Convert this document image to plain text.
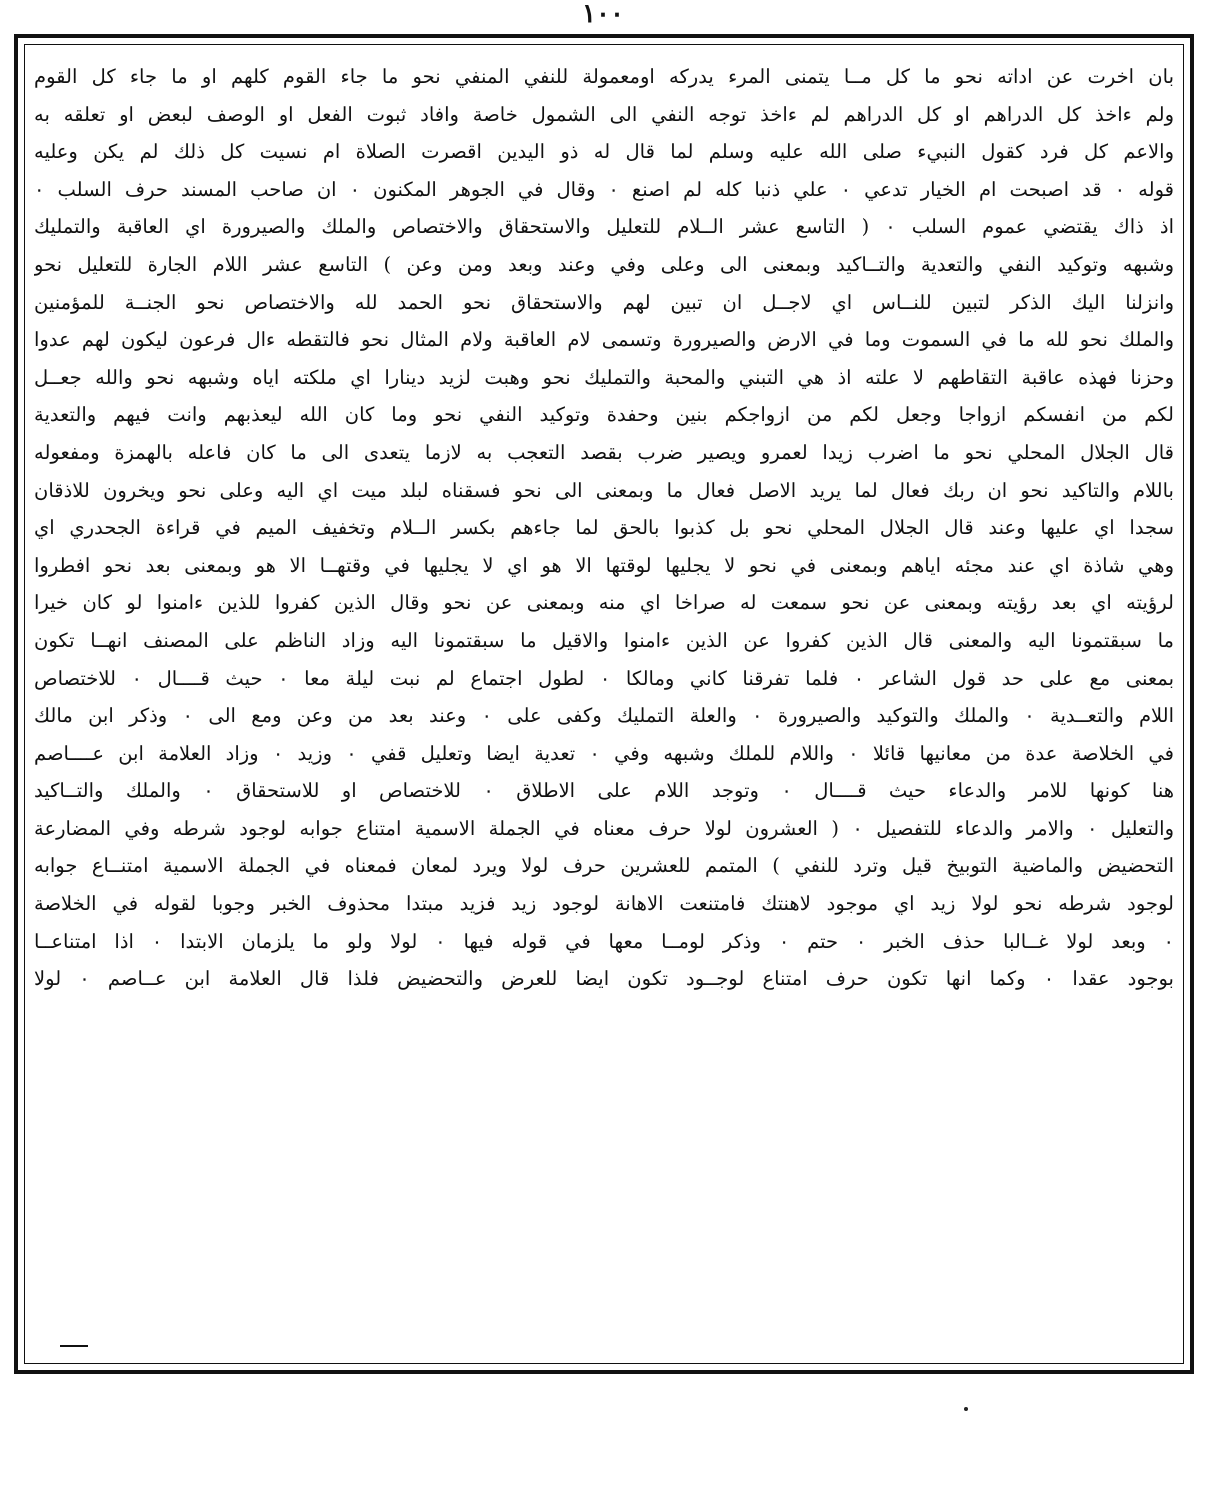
١٠٠
بان اخرت عن اداته نحو ما كل مــا يتمنى المرء يدركه اومعمولة للنفي المنفي نحو ما جاء القوم كلهم او ما جاء كل القوم
ولم ءاخذ كل الدراهم او كل الدراهم لم ءاخذ توجه النفي الى الشمول خاصة وافاد ثبوت الفعل او الوصف لبعض او تعلقه به
والاعم كل فرد كقول النبيء صلى الله عليه وسلم لما قال له ذو اليدين اقصرت الصلاة ام نسيت كل ذلك لم يكن وعليه
قوله ٠ قد اصبحت ام الخيار تدعي ٠ علي ذنبا كله لم اصنع ٠ وقال في الجوهر المكنون ٠ ان صاحب المسند حرف السلب ٠
اذ ذاك يقتضي عموم السلب ٠ ( التاسع عشر الــلام للتعليل والاستحقاق والاختصاص والملك والصيرورة اي العاقبة والتمليك
وشبهه وتوكيد النفي والتعدية والتــاكيد وبمعنى الى وعلى وفي وعند وبعد ومن وعن ) التاسع عشر اللام الجارة للتعليل نحو
وانزلنا اليك الذكر لتبين للنــاس اي لاجــل ان تبين لهم والاستحقاق نحو الحمد لله والاختصاص نحو الجنــة للمؤمنين
والملك نحو لله ما في السموت وما في الارض والصيرورة وتسمى لام العاقبة ولام المثال نحو فالتقطه ءال فرعون ليكون لهم عدوا
وحزنا فهذه عاقبة التقاطهم لا علته اذ هي التبني والمحبة والتمليك نحو وهبت لزيد دينارا اي ملكته اياه وشبهه نحو والله جعــل
لكم من انفسكم ازواجا وجعل لكم من ازواجكم بنين وحفدة وتوكيد النفي نحو وما كان الله ليعذبهم وانت فيهم والتعدية
قال الجلال المحلي نحو ما اضرب زيدا لعمرو ويصير ضرب بقصد التعجب به لازما يتعدى الى ما كان فاعله بالهمزة ومفعوله
باللام والتاكيد نحو ان ربك فعال لما يريد الاصل فعال ما وبمعنى الى نحو فسقناه لبلد ميت اي اليه وعلى نحو ويخرون للاذقان
سجدا اي عليها وعند قال الجلال المحلي نحو بل كذبوا بالحق لما جاءهم بكسر الــلام وتخفيف الميم في قراءة الجحدري اي
وهي شاذة اي عند مجئه اياهم وبمعنى في نحو لا يجليها لوقتها الا هو اي لا يجليها في وقتهــا الا هو وبمعنى بعد نحو افطروا
لرؤيته اي بعد رؤيته وبمعنى عن نحو سمعت له صراخا اي منه وبمعنى عن نحو وقال الذين كفروا للذين ءامنوا لو كان خيرا
ما سبقتمونا اليه والمعنى قال الذين كفروا عن الذين ءامنوا والاقيل ما سبقتمونا اليه وزاد الناظم على المصنف انهــا تكون
بمعنى مع على حد قول الشاعر ٠ فلما تفرقنا كاني ومالكا ٠ لطول اجتماع لم نبت ليلة معا ٠ حيث قــــال ٠ للاختصاص
اللام والتعــدية ٠ والملك والتوكيد والصيرورة ٠ والعلة التمليك وكفى على ٠ وعند بعد من وعن ومع الى ٠ وذكر ابن مالك
في الخلاصة عدة من معانيها قائلا ٠ واللام للملك وشبهه وفي ٠ تعدية ايضا وتعليل قفي ٠ وزيد ٠ وزاد العلامة ابن عــــاصم
هنا كونها للامر والدعاء حيث قــــال ٠ وتوجد اللام على الاطلاق ٠ للاختصاص او للاستحقاق ٠ والملك والتــاكيد
والتعليل ٠ والامر والدعاء للتفصيل ٠ ( العشرون لولا حرف معناه في الجملة الاسمية امتناع جوابه لوجود شرطه وفي المضارعة
التحضيض والماضية التوبيخ قيل وترد للنفي ) المتمم للعشرين حرف لولا ويرد لمعان فمعناه في الجملة الاسمية امتنــاع جوابه
لوجود شرطه نحو لولا زيد اي موجود لاهنتك فامتنعت الاهانة لوجود زيد فزيد مبتدا محذوف الخبر وجوبا لقوله في الخلاصة
٠ وبعد لولا غــالبا حذف الخبر ٠ حتم ٠ وذكر لومــا معها في قوله فيها ٠ لولا ولو ما يلزمان الابتدا ٠ اذا امتناعــا
بوجود عقدا ٠ وكما انها تكون حرف امتناع لوجــود تكون ايضا للعرض والتحضيض فلذا قال العلامة ابن عــاصم ٠ لولا
